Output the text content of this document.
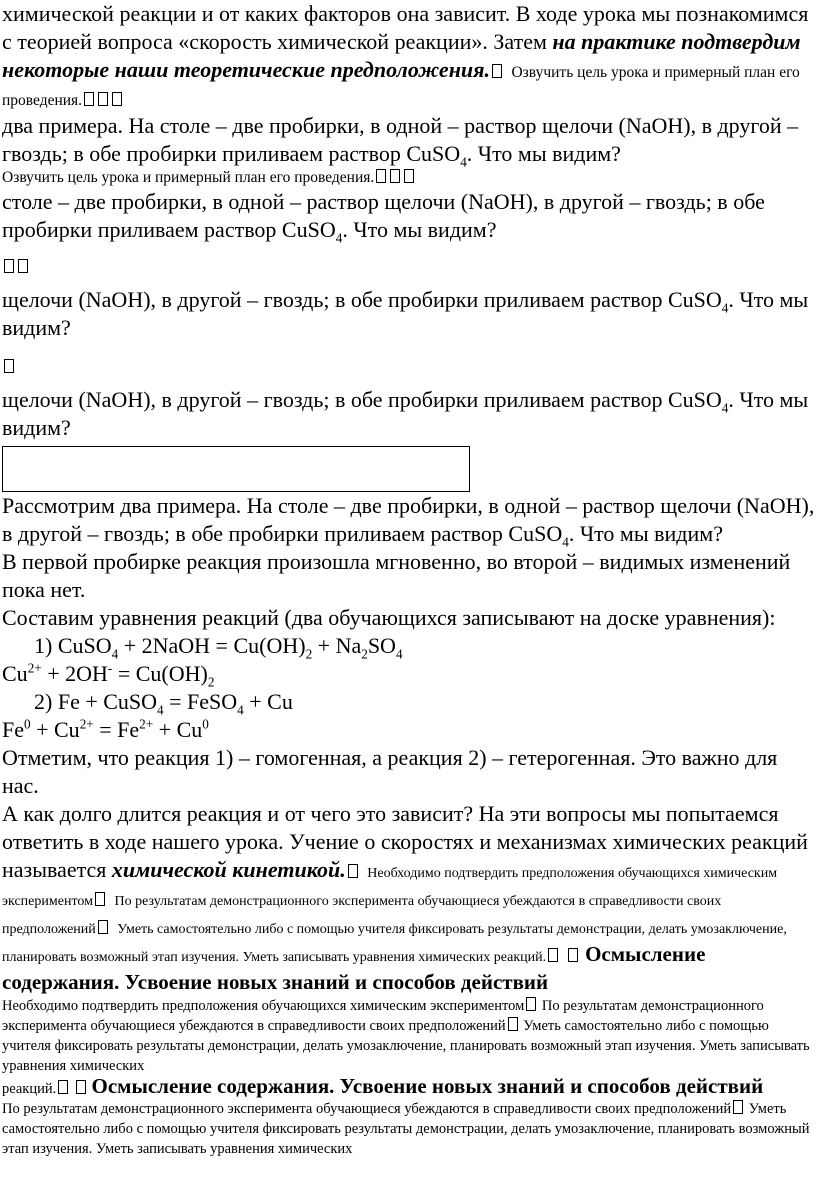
химической реакции и от каких факторов она зависит. В ходе урока мы познакомимся с теорией вопроса «скорость химической реакции». Затем на практике подтвердим некоторые наши теоретические предположения. Озвучить цель урока и примерный план его проведения.

два примера. На столе – две пробирки, в одной – раствор щелочи (NaOH), в другой – гвоздь; в обе пробирки приливаем раствор CuSO$_4$. Что мы видим?

Озвучить цель урока и примерный план его проведения.

столе – две пробирки, в одной – раствор щелочи (NaOH), в другой – гвоздь; в обе пробирки приливаем раствор CuSO$_4$. Что мы видим?

щелочи (NaOH), в другой – гвоздь; в обе пробирки приливаем раствор CuSO$_4$. Что мы видим?

щелочи (NaOH), в другой – гвоздь; в обе пробирки приливаем раствор CuSO$_4$. Что мы видим?

Рассмотрим два примера. На столе – две пробирки, в одной – раствор щелочи (NaOH), в другой – гвоздь; в обе пробирки приливаем раствор CuSO$_4$. Что мы видим?

В первой пробирке реакция произошла мгновенно, во второй – видимых изменений пока нет.

Составим уравнения реакций (два обучающихся записывают на доске уравнения):

1) CuSO$_4$ + 2NaOH = $Cu(OH)_2 + Na_2SO_4$

$Cu^{2+} + 2OH^- = Cu(OH)_2$

2) Fe + CuSO$_4$ = FeSO$_4$ + Cu

$Fe^0 + Cu^{2+} = Fe^{2+} + Cu^0$

Отметим, что реакция 1) – гомогенная, а реакция 2) – гетерогенная. Это важно для нас.

А как долго длится реакция и от чего это зависит? На эти вопросы мы попытаемся ответить в ходе нашего урока. Учение о скоростях и механизмах химических реакций называется химической кинетикой. Необходимо подтвердить предположения обучающихся химическим экспериментом По результатам демонстрационного эксперимента обучающиеся убеждаются в справедливости своих предположений Уметь самостоятельно либо с помощью учителя фиксировать результаты демонстрации, делать умозаключение, планировать возможный этап изучения. Уметь записывать уравнения химических реакций. Осмысление содержания. Усвоение новых знаний и способов действий

Необходимо подтвердить предположения обучающихся химическим экспериментом По результатам демонстрационного эксперимента обучающиеся убеждаются в справедливости своих предположений Уметь самостоятельно либо с помощью учителя фиксировать результаты демонстрации, делать умозаключение, планировать возможный этап изучения. Уметь записывать уравнения химических
реакций. Осмысление содержания. Усвоение новых знаний и способов действий

По результатам демонстрационного эксперимента обучающиеся убеждаются в справедливости своих предположений Уметь самостоятельно либо с помощью учителя фиксировать результаты демонстрации, делать умозаключение, планировать возможный этап изучения. Уметь записывать уравнения химических
